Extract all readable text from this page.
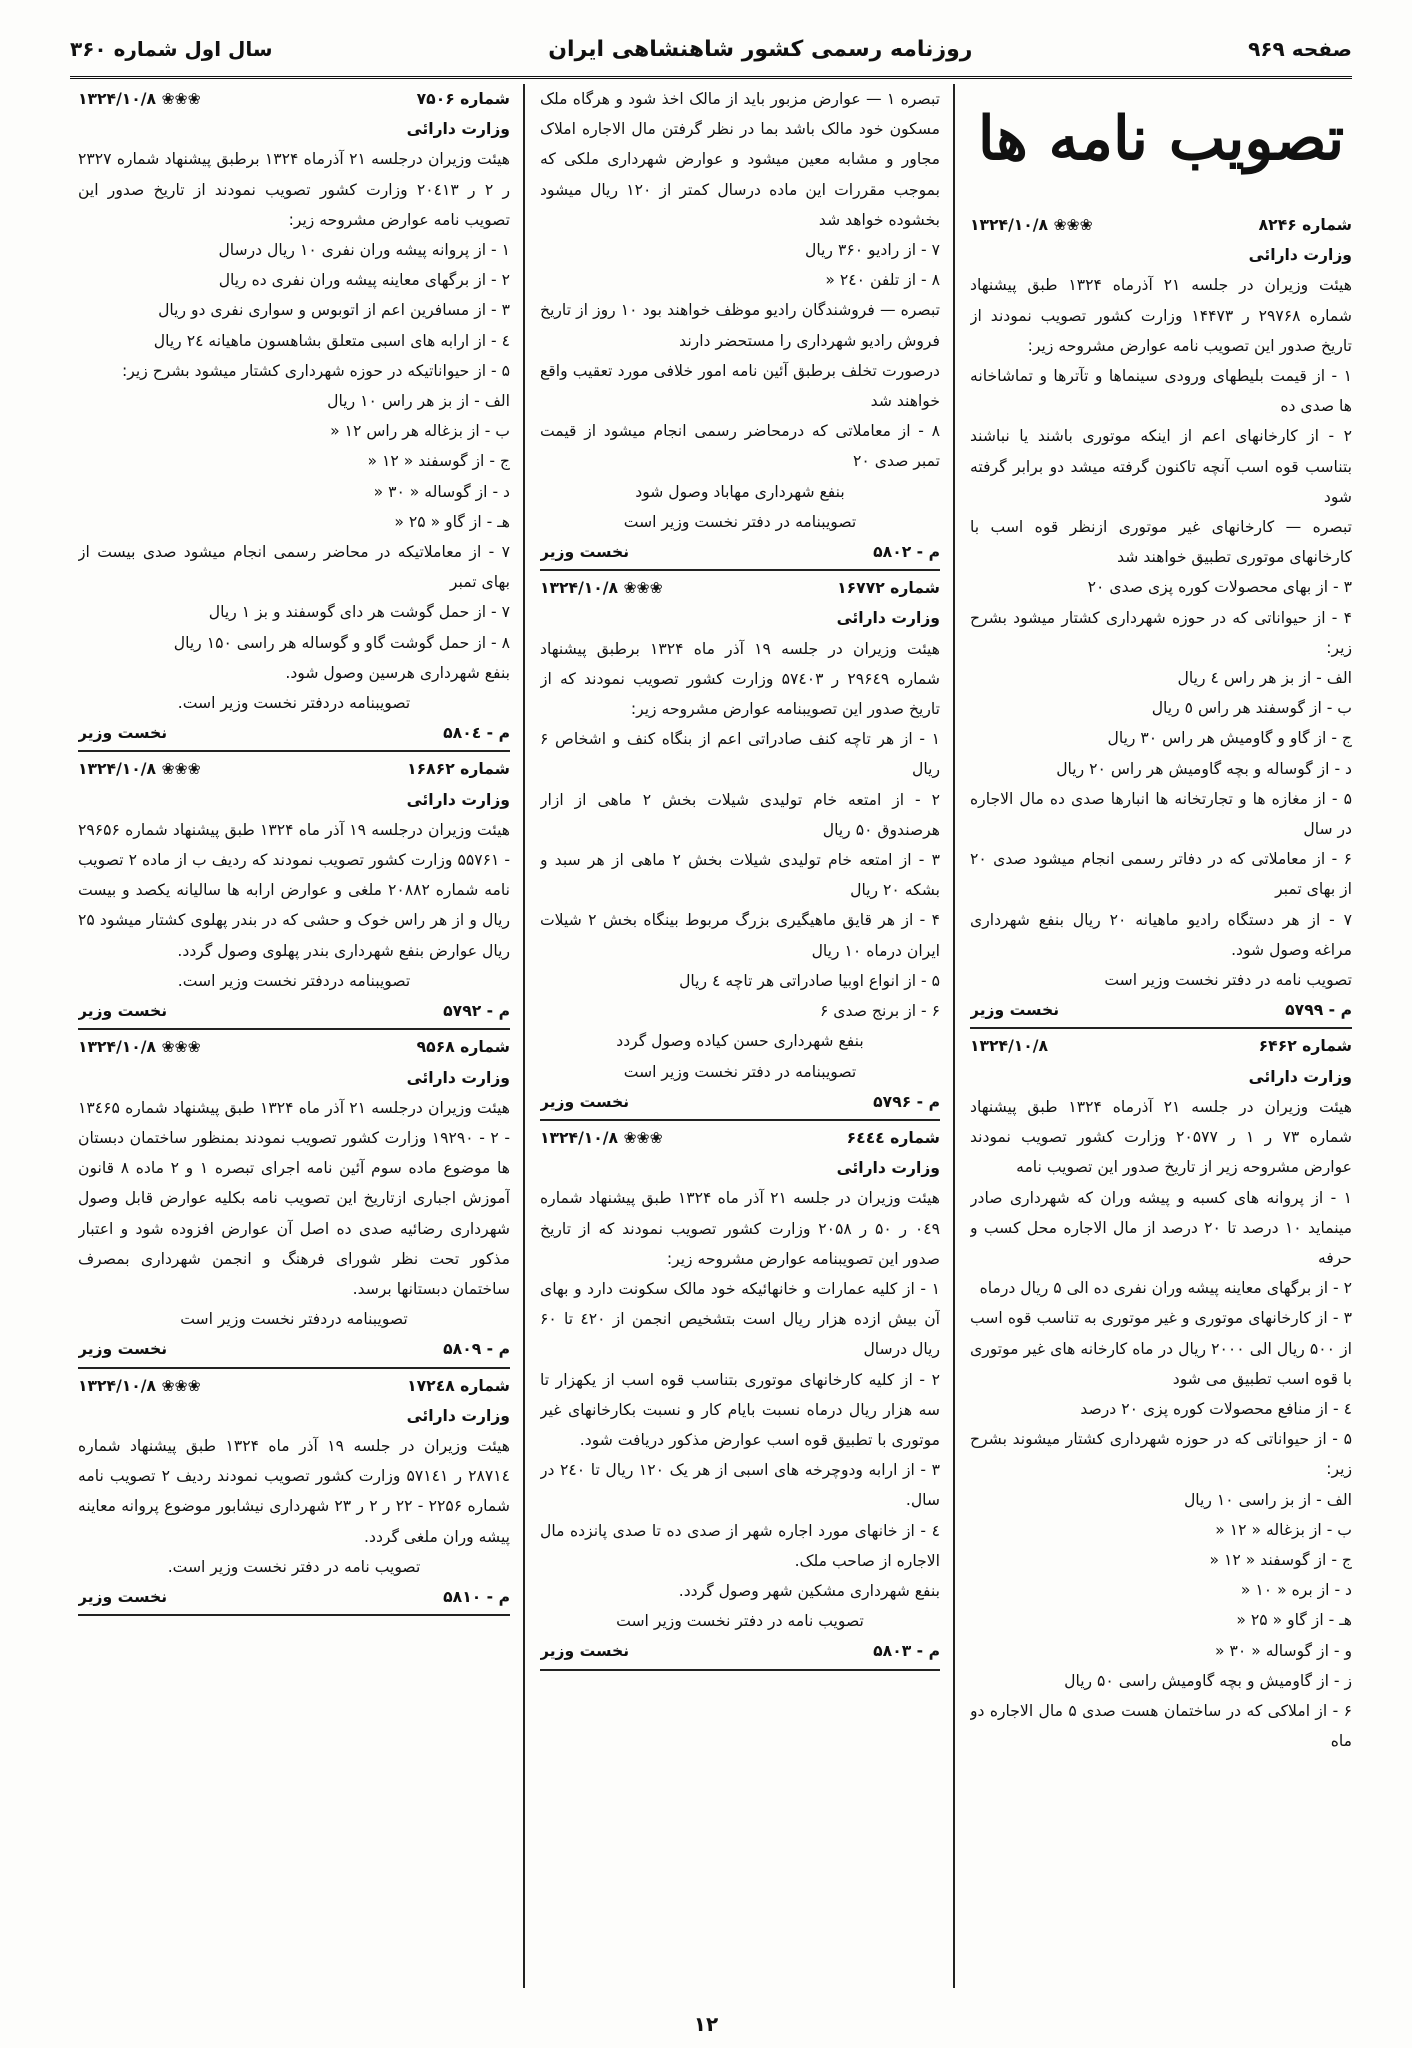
صفحه ۹۶۹
روزنامه رسمی کشور شاهنشاهی ایران
سال اول شماره ۳۶۰
تصویب نامه ها
شماره ۸۲۴۶
❀❀❀ ۱۳۲۴/۱۰/۸
وزارت دارائی

هیئت وزیران در جلسه ۲۱ آذرماه ۱۳۲۴ طبق پیشنهاد شماره ۲۹۷۶۸ ر ۱۴۴۷۳ وزارت کشور تصویب نمودند از تاریخ صدور این تصویب نامه عوارض مشروحه زیر:

۱ - از قیمت بلیطهای ورودی سینماها و تآترها و تماشاخانه ها صدی ده

۲ - از کارخانهای اعم از اینکه موتوری باشند یا نباشند بتناسب قوه اسب آنچه تاکنون گرفته میشد دو برابر گرفته شود

تبصره — کارخانهای غیر موتوری ازنظر قوه اسب با کارخانهای موتوری تطبیق خواهند شد

۳ - از بهای محصولات کوره پزی صدی ۲۰

۴ - از حیواناتی که در حوزه شهرداری کشتار میشود بشرح زیر:

الف - از بز هر راس ٤ ریال

ب - از گوسفند هر راس ٥ ریال

ج - از گاو و گاومیش هر راس ۳۰ ریال

د - از گوساله و بچه گاومیش هر راس ۲۰ ریال

۵ - از مغازه ها و تجارتخانه ها انبارها صدی ده مال الاجاره در سال

۶ - از معاملاتی که در دفاتر رسمی انجام میشود صدی ۲۰ از بهای تمبر

۷ - از هر دستگاه رادیو ماهیانه ۲۰ ریال بنفع شهرداری مراغه وصول شود.

تصویب نامه در دفتر نخست وزیر است

م - ۵۷۹۹
نخست وزیر
شماره ۶۴۶۲
۱۳۲۴/۱۰/۸
وزارت دارائی

هیئت وزیران در جلسه ۲۱ آذرماه ۱۳۲۴ طبق پیشنهاد شماره ۷۳ ر ۱ ر ۲۰۵۷۷ وزارت کشور تصویب نمودند عوارض مشروحه زیر از تاریخ صدور این تصویب نامه

۱ - از پروانه های کسبه و پیشه وران که شهرداری صادر مینماید ۱۰ درصد تا ۲۰ درصد از مال الاجاره محل کسب و حرفه

۲ - از برگهای معاینه پیشه وران نفری ده الی ۵ ریال درماه

۳ - از کارخانهای موتوری و غیر موتوری به تناسب قوه اسب از ۵۰۰ ریال الی ۲۰۰۰ ریال در ماه کارخانه های غیر موتوری با قوه اسب تطبیق می شود

٤ - از منافع محصولات کوره پزی ۲۰ درصد

۵ - از حیواناتی که در حوزه شهرداری کشتار میشوند بشرح زیر:

الف - از بز راسی ۱۰ ریال

ب - از بزغاله « ۱۲ «

ج - از گوسفند « ۱۲ «

د - از بره « ۱۰ «

هـ - از گاو « ۲۵ «

و - از گوساله « ۳۰ «

ز - از گاومیش و بچه گاومیش راسی ۵۰ ریال

۶ - از املاکی که در ساختمان هست صدی ۵ مال الاجاره دو ماه

تبصره ۱ — عوارض مزبور باید از مالک اخذ شود و هرگاه ملک مسکون خود مالک باشد بما در نظر گرفتن مال الاجاره املاک مجاور و مشابه معین میشود و عوارض شهرداری ملکی که بموجب مقررات این ماده درسال کمتر از ۱۲۰ ریال میشود بخشوده خواهد شد

۷ - از رادیو ۳۶۰ ریال

۸ - از تلفن ۲٤۰ «

تبصره — فروشندگان رادیو موظف خواهند بود ۱۰ روز از تاریخ فروش رادیو شهرداری را مستحضر دارند

درصورت تخلف برطبق آئین نامه امور خلافی مورد تعقیب واقع خواهند شد

۸ - از معاملاتی که درمحاضر رسمی انجام میشود از قیمت تمبر صدی ۲۰

بنفع شهرداری مهاباد وصول شود

تصویبنامه در دفتر نخست وزیر است

م - ۵۸۰۲
نخست وزیر
شماره ۱۶۷۷۲
❀❀❀ ۱۳۲۴/۱۰/۸
وزارت دارائی

هیئت وزیران در جلسه ۱۹ آذر ماه ۱۳۲۴ برطبق پیشنهاد شماره ۲۹۶٤۹ ر ۵۷٤۰۳ وزارت کشور تصویب نمودند که از تاریخ صدور این تصویبنامه عوارض مشروحه زیر:

۱ - از هر تاچه کنف صادراتی اعم از بنگاه کنف و اشخاص ۶ ریال

۲ - از امتعه خام تولیدی شیلات بخش ۲ ماهی از ازار هرصندوق ۵۰ ریال

۳ - از امتعه خام تولیدی شیلات بخش ۲ ماهی از هر سبد و بشکه ۲۰ ریال

۴ - از هر قایق ماهیگیری بزرگ مربوط بینگاه بخش ۲ شیلات ایران درماه ۱۰ ریال

۵ - از انواع اوبیا صادراتی هر تاچه ٤ ریال

۶ - از برنج صدی ۶

بنفع شهرداری حسن کیاده وصول گردد

تصویبنامه در دفتر نخست وزیر است

م - ۵۷۹۶
نخست وزیر
شماره ۶٤٤٤
❀❀❀ ۱۳۲۴/۱۰/۸
وزارت دارائی

هیئت وزیران در جلسه ۲۱ آذر ماه ۱۳۲۴ طبق پیشنهاد شماره ۰٤۹ ر ۵۰ ر ۲۰۵۸ وزارت کشور تصویب نمودند که از تاریخ صدور این تصویبنامه عوارض مشروحه زیر:

۱ - از کلیه عمارات و خانهائیکه خود مالک سکونت دارد و بهای آن بیش ازده هزار ریال است بتشخیص انجمن از ٤۲۰ تا ۶۰ ریال درسال

۲ - از کلیه کارخانهای موتوری بتناسب قوه اسب از یکهزار تا سه هزار ریال درماه نسبت بایام کار و نسبت بکارخانهای غیر موتوری با تطبیق قوه اسب عوارض مذکور دریافت شود.

۳ - از ارابه ودوچرخه های اسبی از هر یک ۱۲۰ ریال تا ۲٤۰ در سال.

٤ - از خانهای مورد اجاره شهر از صدی ده تا صدی پانزده مال الاجاره از صاحب ملک.

بنفع شهرداری مشکین شهر وصول گردد.

تصویب نامه در دفتر نخست وزیر است

م - ۵۸۰۳
نخست وزیر
شماره ۷۵۰۶
❀❀❀ ۱۳۲۴/۱۰/۸
وزارت دارائی

هیئت وزیران درجلسه ۲۱ آذرماه ۱۳۲۴ برطبق پیشنهاد شماره ۲۳۲۷ ر ۲ ر ۲۰٤۱۳ وزارت کشور تصویب نمودند از تاریخ صدور این تصویب نامه عوارض مشروحه زیر:

۱ - از پروانه پیشه وران نفری ۱۰ ریال درسال

۲ - از برگهای معاینه پیشه وران نفری ده ریال

۳ - از مسافرین اعم از اتوبوس و سواری نفری دو ریال

٤ - از ارابه های اسبی متعلق بشاهسون ماهیانه ۲٤ ریال

۵ - از حیواناتیکه در حوزه شهرداری کشتار میشود بشرح زیر:

الف - از بز هر راس ۱۰ ریال

ب - از بزغاله هر راس ۱۲ «

ج - از گوسفند « ۱۲ «

د - از گوساله « ۳۰ «

هـ - از گاو « ۲۵ «

۷ - از معاملاتیکه در محاضر رسمی انجام میشود صدی بیست از بهای تمبر

۷ - از حمل گوشت هر دای گوسفند و بز ۱ ریال

۸ - از حمل گوشت گاو و گوساله هر راسی ۱۵۰ ریال

بنفع شهرداری هرسین وصول شود.

تصویبنامه دردفتر نخست وزیر است.

م - ۵۸۰٤
نخست وزیر
شماره ۱۶۸۶۲
❀❀❀ ۱۳۲۴/۱۰/۸
وزارت دارائی

هیئت وزیران درجلسه ۱۹ آذر ماه ۱۳۲۴ طبق پیشنهاد شماره ۲۹۶۵۶ - ۵۵۷۶۱ وزارت کشور تصویب نمودند که ردیف ب از ماده ۲ تصویب نامه شماره ۲۰۸۸۲ ملغی و عوارض ارابه ها سالیانه یکصد و بیست ریال و از هر راس خوک و حشی که در بندر پهلوی کشتار میشود ۲۵ ریال عوارض بنفع شهرداری بندر پهلوی وصول گردد.

تصویبنامه دردفتر نخست وزیر است.

م - ۵۷۹۲
نخست وزیر
شماره ۹۵۶۸
❀❀❀ ۱۳۲۴/۱۰/۸
وزارت دارائی

هیئت وزیران درجلسه ۲۱ آذر ماه ۱۳۲۴ طبق پیشنهاد شماره ۱۳٤۶۵ - ۲ - ۱۹۲۹۰ وزارت کشور تصویب نمودند بمنظور ساختمان دبستان ها موضوع ماده سوم آئین نامه اجرای تبصره ۱ و ۲ ماده ۸ قانون آموزش اجباری ازتاریخ این تصویب نامه بکلیه عوارض قابل وصول شهرداری رضائیه صدی ده اصل آن عوارض افزوده شود و اعتبار مذکور تحت نظر شورای فرهنگ و انجمن شهرداری بمصرف ساختمان دبستانها برسد.

تصویبنامه دردفتر نخست وزیر است

م - ۵۸۰۹
نخست وزیر
شماره ۱۷۲٤۸
❀❀❀ ۱۳۲۴/۱۰/۸
وزارت دارائی

هیئت وزیران در جلسه ۱۹ آذر ماه ۱۳۲۴ طبق پیشنهاد شماره ۲۸۷۱٤ ر ۵۷۱٤۱ وزارت کشور تصویب نمودند ردیف ۲ تصویب نامه شماره ۲۲۵۶ - ۲۲ ر ۲ ر ۲۳ شهرداری نیشابور موضوع پروانه معاینه پیشه وران ملغی گردد.

تصویب نامه در دفتر نخست وزیر است.

م - ۵۸۱۰
نخست وزیر
۱۲
